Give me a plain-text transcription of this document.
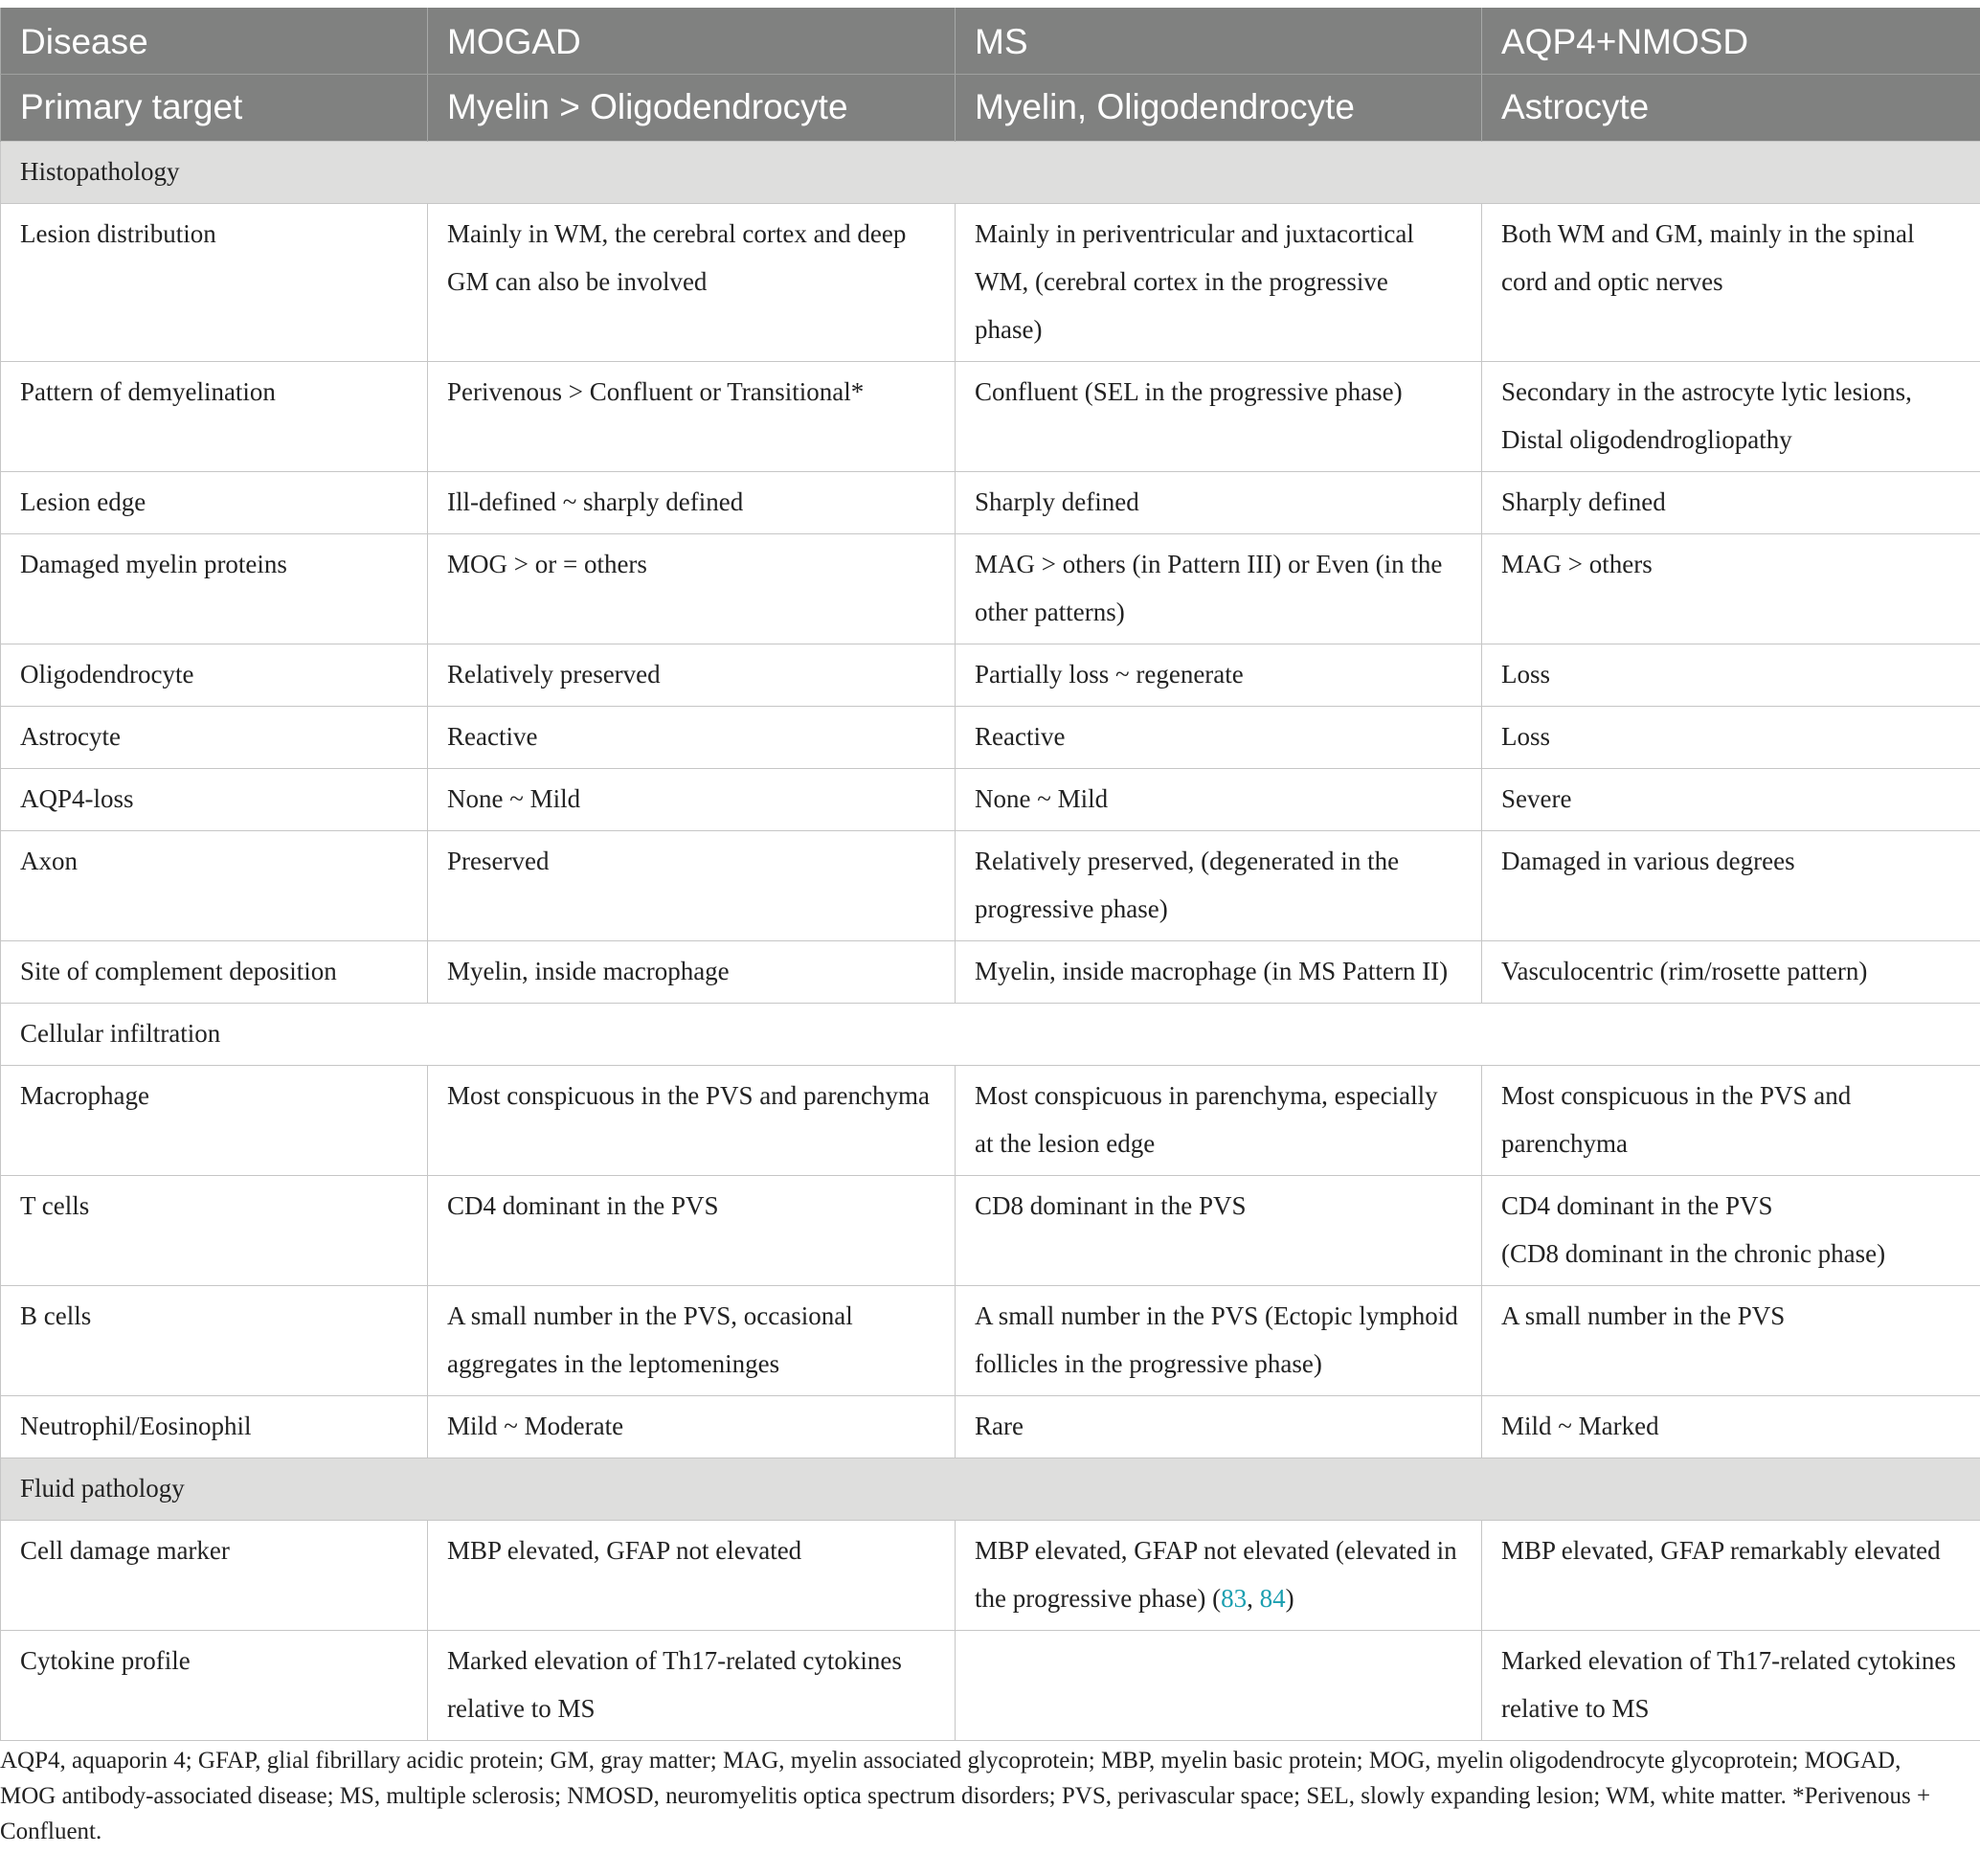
Disease	MOGAD	MS	AQP4+NMOSD
Primary target	Myelin > Oligodendrocyte	Myelin, Oligodendrocyte	Astrocyte
Histopathology			
Lesion distribution	Mainly in WM, the cerebral cortex and deep GM can also be involved	Mainly in periventricular and juxtacortical WM, (cerebral cortex in the progressive phase)	Both WM and GM, mainly in the spinal cord and optic nerves
Pattern of demyelination	Perivenous > Confluent or Transitional*	Confluent (SEL in the progressive phase)	Secondary in the astrocyte lytic lesions, Distal oligodendrogliopathy
Lesion edge	Ill-defined ~ sharply defined	Sharply defined	Sharply defined
Damaged myelin proteins	MOG > or = others	MAG > others (in Pattern III) or Even (in the other patterns)	MAG > others
Oligodendrocyte	Relatively preserved	Partially loss ~ regenerate	Loss
Astrocyte	Reactive	Reactive	Loss
AQP4-loss	None ~ Mild	None ~ Mild	Severe
Axon	Preserved	Relatively preserved, (degenerated in the progressive phase)	Damaged in various degrees
Site of complement deposition	Myelin, inside macrophage	Myelin, inside macrophage (in MS Pattern II)	Vasculocentric (rim/rosette pattern)
Cellular infiltration			
Macrophage	Most conspicuous in the PVS and parenchyma	Most conspicuous in parenchyma, especially at the lesion edge	Most conspicuous in the PVS and parenchyma
T cells	CD4 dominant in the PVS	CD8 dominant in the PVS	CD4 dominant in the PVS
(CD8 dominant in the chronic phase)
B cells	A small number in the PVS, occasional aggregates in the leptomeninges	A small number in the PVS (Ectopic lymphoid follicles in the progressive phase)	A small number in the PVS
Neutrophil/Eosinophil	Mild ~ Moderate	Rare	Mild ~ Marked
Fluid pathology			
Cell damage marker	MBP elevated, GFAP not elevated	MBP elevated, GFAP not elevated (elevated in the progressive phase) (83, 84)	MBP elevated, GFAP remarkably elevated
Cytokine profile	Marked elevation of Th17-related cytokines relative to MS		Marked elevation of Th17-related cytokines relative to MS
AQP4, aquaporin 4; GFAP, glial fibrillary acidic protein; GM, gray matter; MAG, myelin associated glycoprotein; MBP, myelin basic protein; MOG, myelin oligodendrocyte glycoprotein; MOGAD, MOG antibody-associated disease; MS, multiple sclerosis; NMOSD, neuromyelitis optica spectrum disorders; PVS, perivascular space; SEL, slowly expanding lesion; WM, white matter. *Perivenous + Confluent.
